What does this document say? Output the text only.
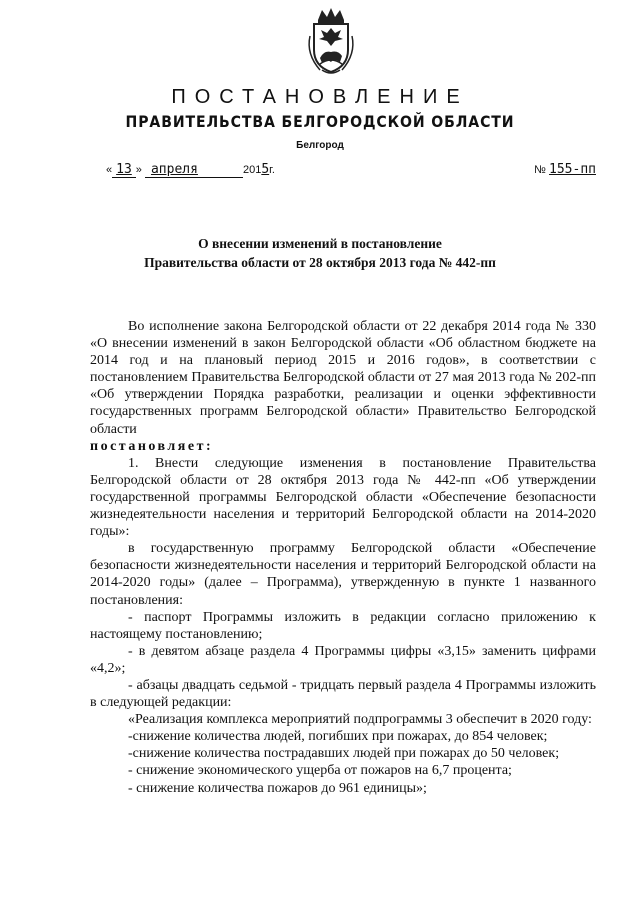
ПОСТАНОВЛЕНИЕ
ПРАВИТЕЛЬСТВА БЕЛГОРОДСКОЙ ОБЛАСТИ
Белгород
« 13 » апреля	2015г.	№ 155-пп
О внесении изменений в постановление
Правительства области от 28 октября 2013 года № 442-пп

Во исполнение закона Белгородской области от 22 декабря 2014 года № 330 «О внесении изменений в закон Белгородской области «Об областном бюджете на 2014 год и на плановый период 2015 и 2016 годов», в соответствии с постановлением Правительства Белгородской области от 27 мая 2013 года № 202-пп «Об утверждении Порядка разработки, реализации и оценки эффективности государственных программ Белгородской области» Правительство Белгородской области

постановляет:

1. Внести следующие изменения в постановление Правительства Белгородской области от 28 октября 2013 года № 442-пп «Об утверждении государственной программы Белгородской области «Обеспечение безопасности жизнедеятельности населения и территорий Белгородской области на 2014-2020 годы»:

в государственную программу Белгородской области «Обеспечение безопасности жизнедеятельности населения и территорий Белгородской области на 2014-2020 годы» (далее – Программа), утвержденную в пункте 1 названного постановления:

- паспорт Программы изложить в редакции согласно приложению к настоящему постановлению;

- в девятом абзаце раздела 4 Программы цифры «3,15» заменить цифрами «4,2»;

- абзацы двадцать седьмой - тридцать первый раздела 4 Программы изложить в следующей редакции:

«Реализация комплекса мероприятий подпрограммы 3 обеспечит в 2020 году:

-снижение количества людей, погибших при пожарах, до 854 человек;

-снижение количества пострадавших людей при пожарах до 50 человек;

- снижение экономического ущерба от пожаров на 6,7 процента;

- снижение количества пожаров до 961 единицы»;
